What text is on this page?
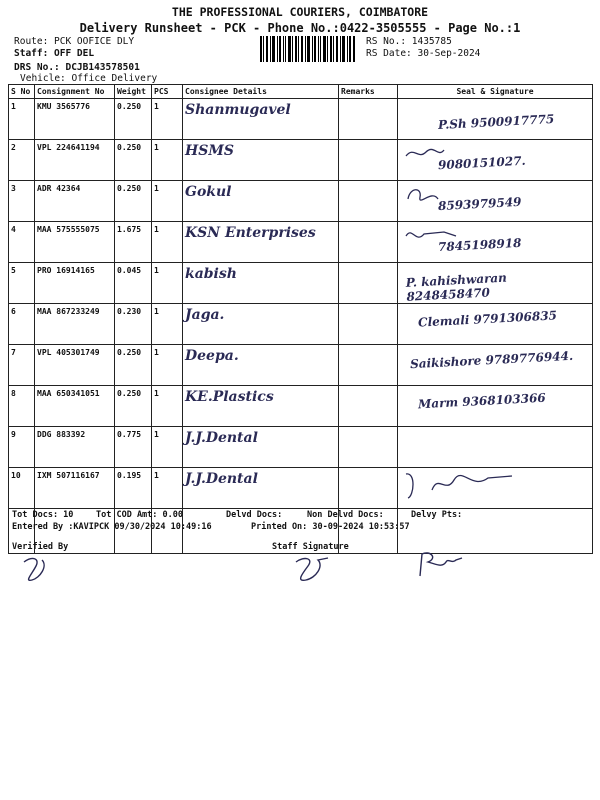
THE PROFESSIONAL COURIERS, COIMBATORE
Delivery Runsheet - PCK - Phone No.:0422-3505555 - Page No.:1
Route: PCK OOFICE DLY
Staff: OFF DEL
DRS No.: DCJB143578501
Vehicle: Office Delivery
RS No.: 1435785
RS Date: 30-Sep-2024
S No	Consignment No	Weight	PCS	Consignee Details	Remarks	Seal & Signature
1	KMU 3565776	0.250	1	Shanmugavel		P.Sh 9500917775

2	VPL 224641194	0.250	1	HSMS		9080151027.

3	ADR 42364	0.250	1	Gokul		8593979549

4	MAA 575555075	1.675	1	KSN Enterprises		7845198918

5	PRO 16914165	0.045	1	kabish		P. kahishwaran 8248458470

6	MAA 867233249	0.230	1	Jaga.		Clemali 9791306835

7	VPL 405301749	0.250	1	Deepa.		Saikishore 9789776944.

8	MAA 650341051	0.250	1	KE.Plastics		Marm 9368103366

9	DDG 883392	0.775	1	J.J.Dental		

10	IXM 507116167	0.195	1	J.J.Dental		

Tot Docs: 10	Tot COD Amt: 0.00	Delvd Docs:	Non Delvd Docs:	Delvy Pts:
Entered By :KAVIPCK 09/30/2024 10:49:16	Printed On: 30-09-2024 10:53:57
Verified By	Staff Signature
